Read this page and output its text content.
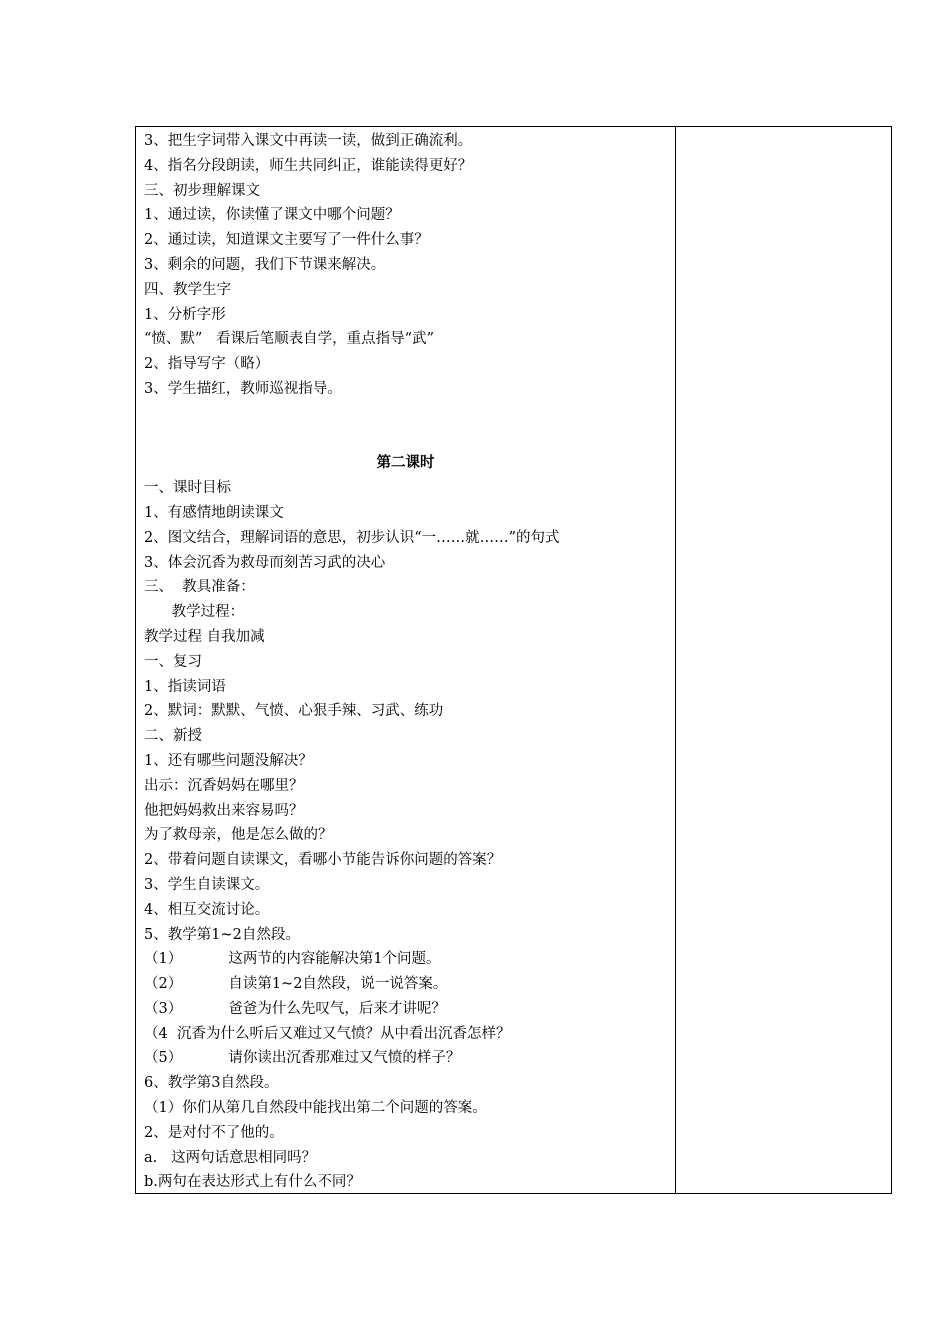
3、把生字词带入课文中再读一读，做到正确流利。
4、指名分段朗读，师生共同纠正，谁能读得更好？
三、初步理解课文
1、通过读，你读懂了课文中哪个问题？
2、通过读，知道课文主要写了一件什么事？
3、剩余的问题，我们下节课来解决。
四、教学生字
1、分析字形
“愤、默”   看课后笔顺表自学，重点指导“武”
2、指导写字（略）
3、学生描红，教师巡视指导。
第二课时
一、课时目标
1、有感情地朗读课文
2、图文结合，理解词语的意思，初步认识“一……就……”的句式
3、体会沉香为救母而刻苦习武的决心
三、  教具准备：
教学过程：
教学过程 自我加减
一、复习
1、指读词语
2、默词：默默、气愤、心狠手辣、习武、练功
二、新授
1、还有哪些问题没解决？
出示：沉香妈妈在哪里？
他把妈妈救出来容易吗？
为了救母亲，他是怎么做的？
2、带着问题自读课文，看哪小节能告诉你问题的答案？
3、学生自读课文。
4、相互交流讨论。
5、教学第1~2自然段。
（1）          这两节的内容能解决第1个问题。
（2）          自读第1~2自然段，说一说答案。
（3）          爸爸为什么先叹气，后来才讲呢？
（4  沉香为什么听后又难过又气愤？从中看出沉香怎样？
（5）          请你读出沉香那难过又气愤的样子？
6、教学第3自然段。
（1）你们从第几自然段中能找出第二个问题的答案。
2、是对付不了他的。
a.   这两句话意思相同吗？
b.两句在表达形式上有什么不同？
